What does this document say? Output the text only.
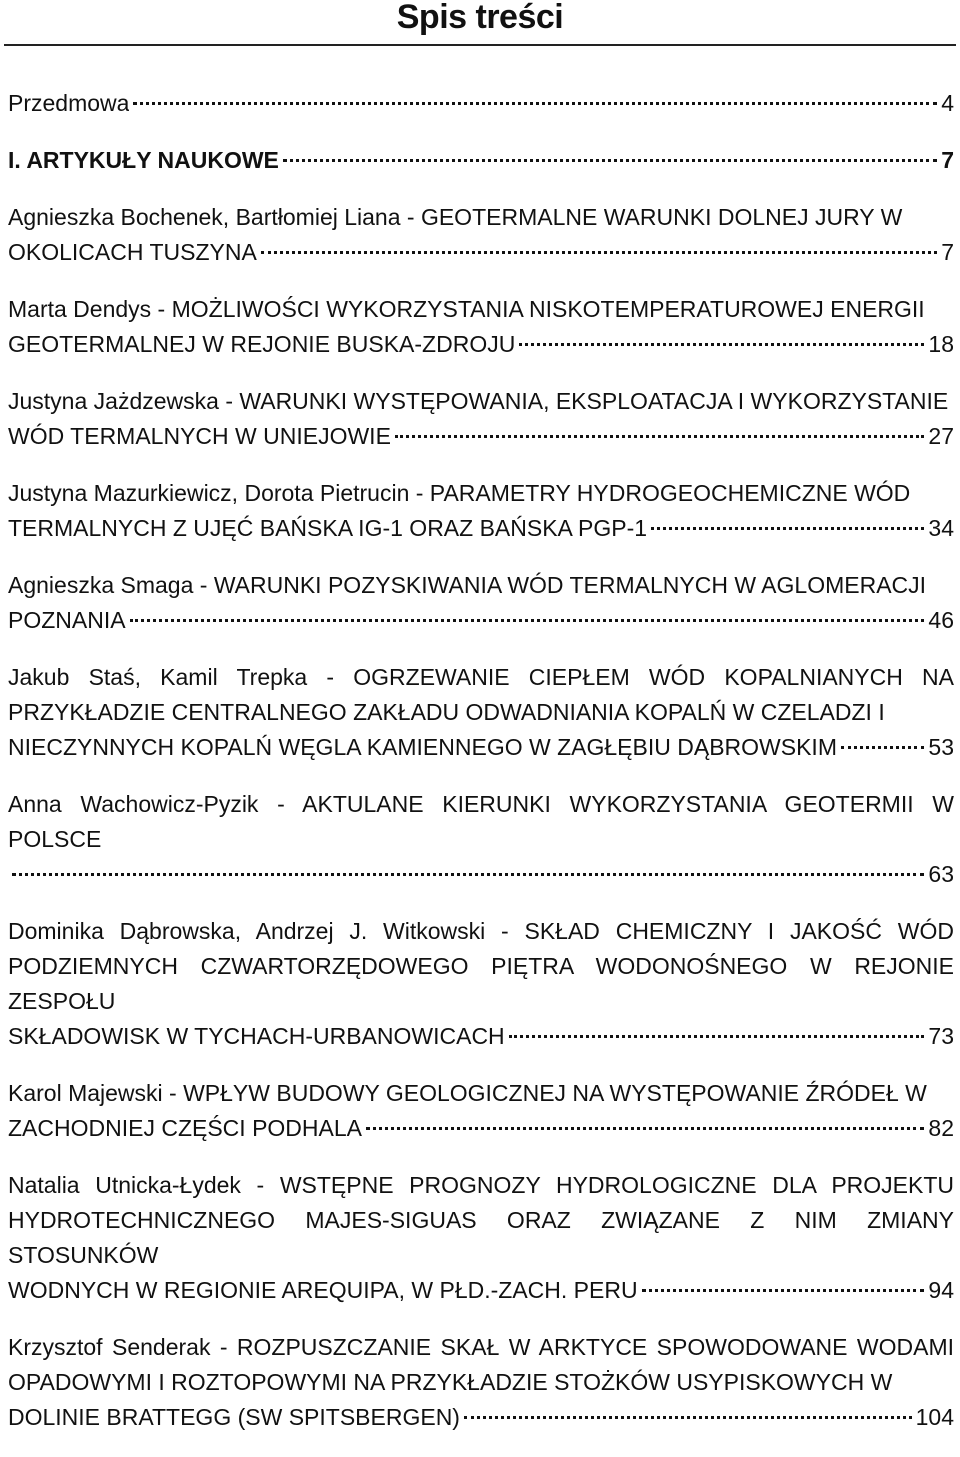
Spis treści
Przedmowa	4
I. ARTYKUŁY NAUKOWE	7
Agnieszka Bochenek, Bartłomiej Liana - GEOTERMALNE WARUNKI DOLNEJ JURY W
OKOLICACH TUSZYNA	7
Marta Dendys - MOŻLIWOŚCI WYKORZYSTANIA NISKOTEMPERATUROWEJ ENERGII
GEOTERMALNEJ W REJONIE BUSKA-ZDROJU	18
Justyna Jażdzewska - WARUNKI WYSTĘPOWANIA, EKSPLOATACJA I WYKORZYSTANIE
WÓD TERMALNYCH W UNIEJOWIE	27
Justyna Mazurkiewicz, Dorota Pietrucin - PARAMETRY HYDROGEOCHEMICZNE WÓD
TERMALNYCH Z UJĘĆ BAŃSKA IG-1 ORAZ BAŃSKA PGP-1	34
Agnieszka Smaga - WARUNKI POZYSKIWANIA WÓD TERMALNYCH W AGLOMERACJI
POZNANIA	46
Jakub Staś, Kamil Trepka - OGRZEWANIE CIEPŁEM WÓD KOPALNIANYCH NA PRZYKŁADZIE CENTRALNEGO ZAKŁADU ODWADNIANIA KOPALŃ W CZELADZI I
NIECZYNNYCH KOPALŃ WĘGLA KAMIENNEGO W ZAGŁĘBIU DĄBROWSKIM	53
Anna Wachowicz-Pyzik - AKTULANE KIERUNKI WYKORZYSTANIA GEOTERMII W POLSCE
63
Dominika Dąbrowska, Andrzej J. Witkowski - SKŁAD CHEMICZNY I JAKOŚĆ WÓD PODZIEMNYCH CZWARTORZĘDOWEGO PIĘTRA WODONOŚNEGO W REJONIE ZESPOŁU
SKŁADOWISK W TYCHACH-URBANOWICACH	73
Karol Majewski - WPŁYW BUDOWY GEOLOGICZNEJ NA WYSTĘPOWANIE ŹRÓDEŁ W
ZACHODNIEJ CZĘŚCI PODHALA	82
Natalia Utnicka-Łydek - WSTĘPNE PROGNOZY HYDROLOGICZNE DLA PROJEKTU HYDROTECHNICZNEGO MAJES-SIGUAS ORAZ ZWIĄZANE Z NIM ZMIANY STOSUNKÓW
WODNYCH W REGIONIE AREQUIPA, W PŁD.-ZACH. PERU	94
Krzysztof Senderak - ROZPUSZCZANIE SKAŁ W ARKTYCE SPOWODOWANE WODAMI OPADOWYMI I ROZTOPOWYMI NA PRZYKŁADZIE STOŻKÓW USYPISKOWYCH W
DOLINIE BRATTEGG (SW SPITSBERGEN)	104
